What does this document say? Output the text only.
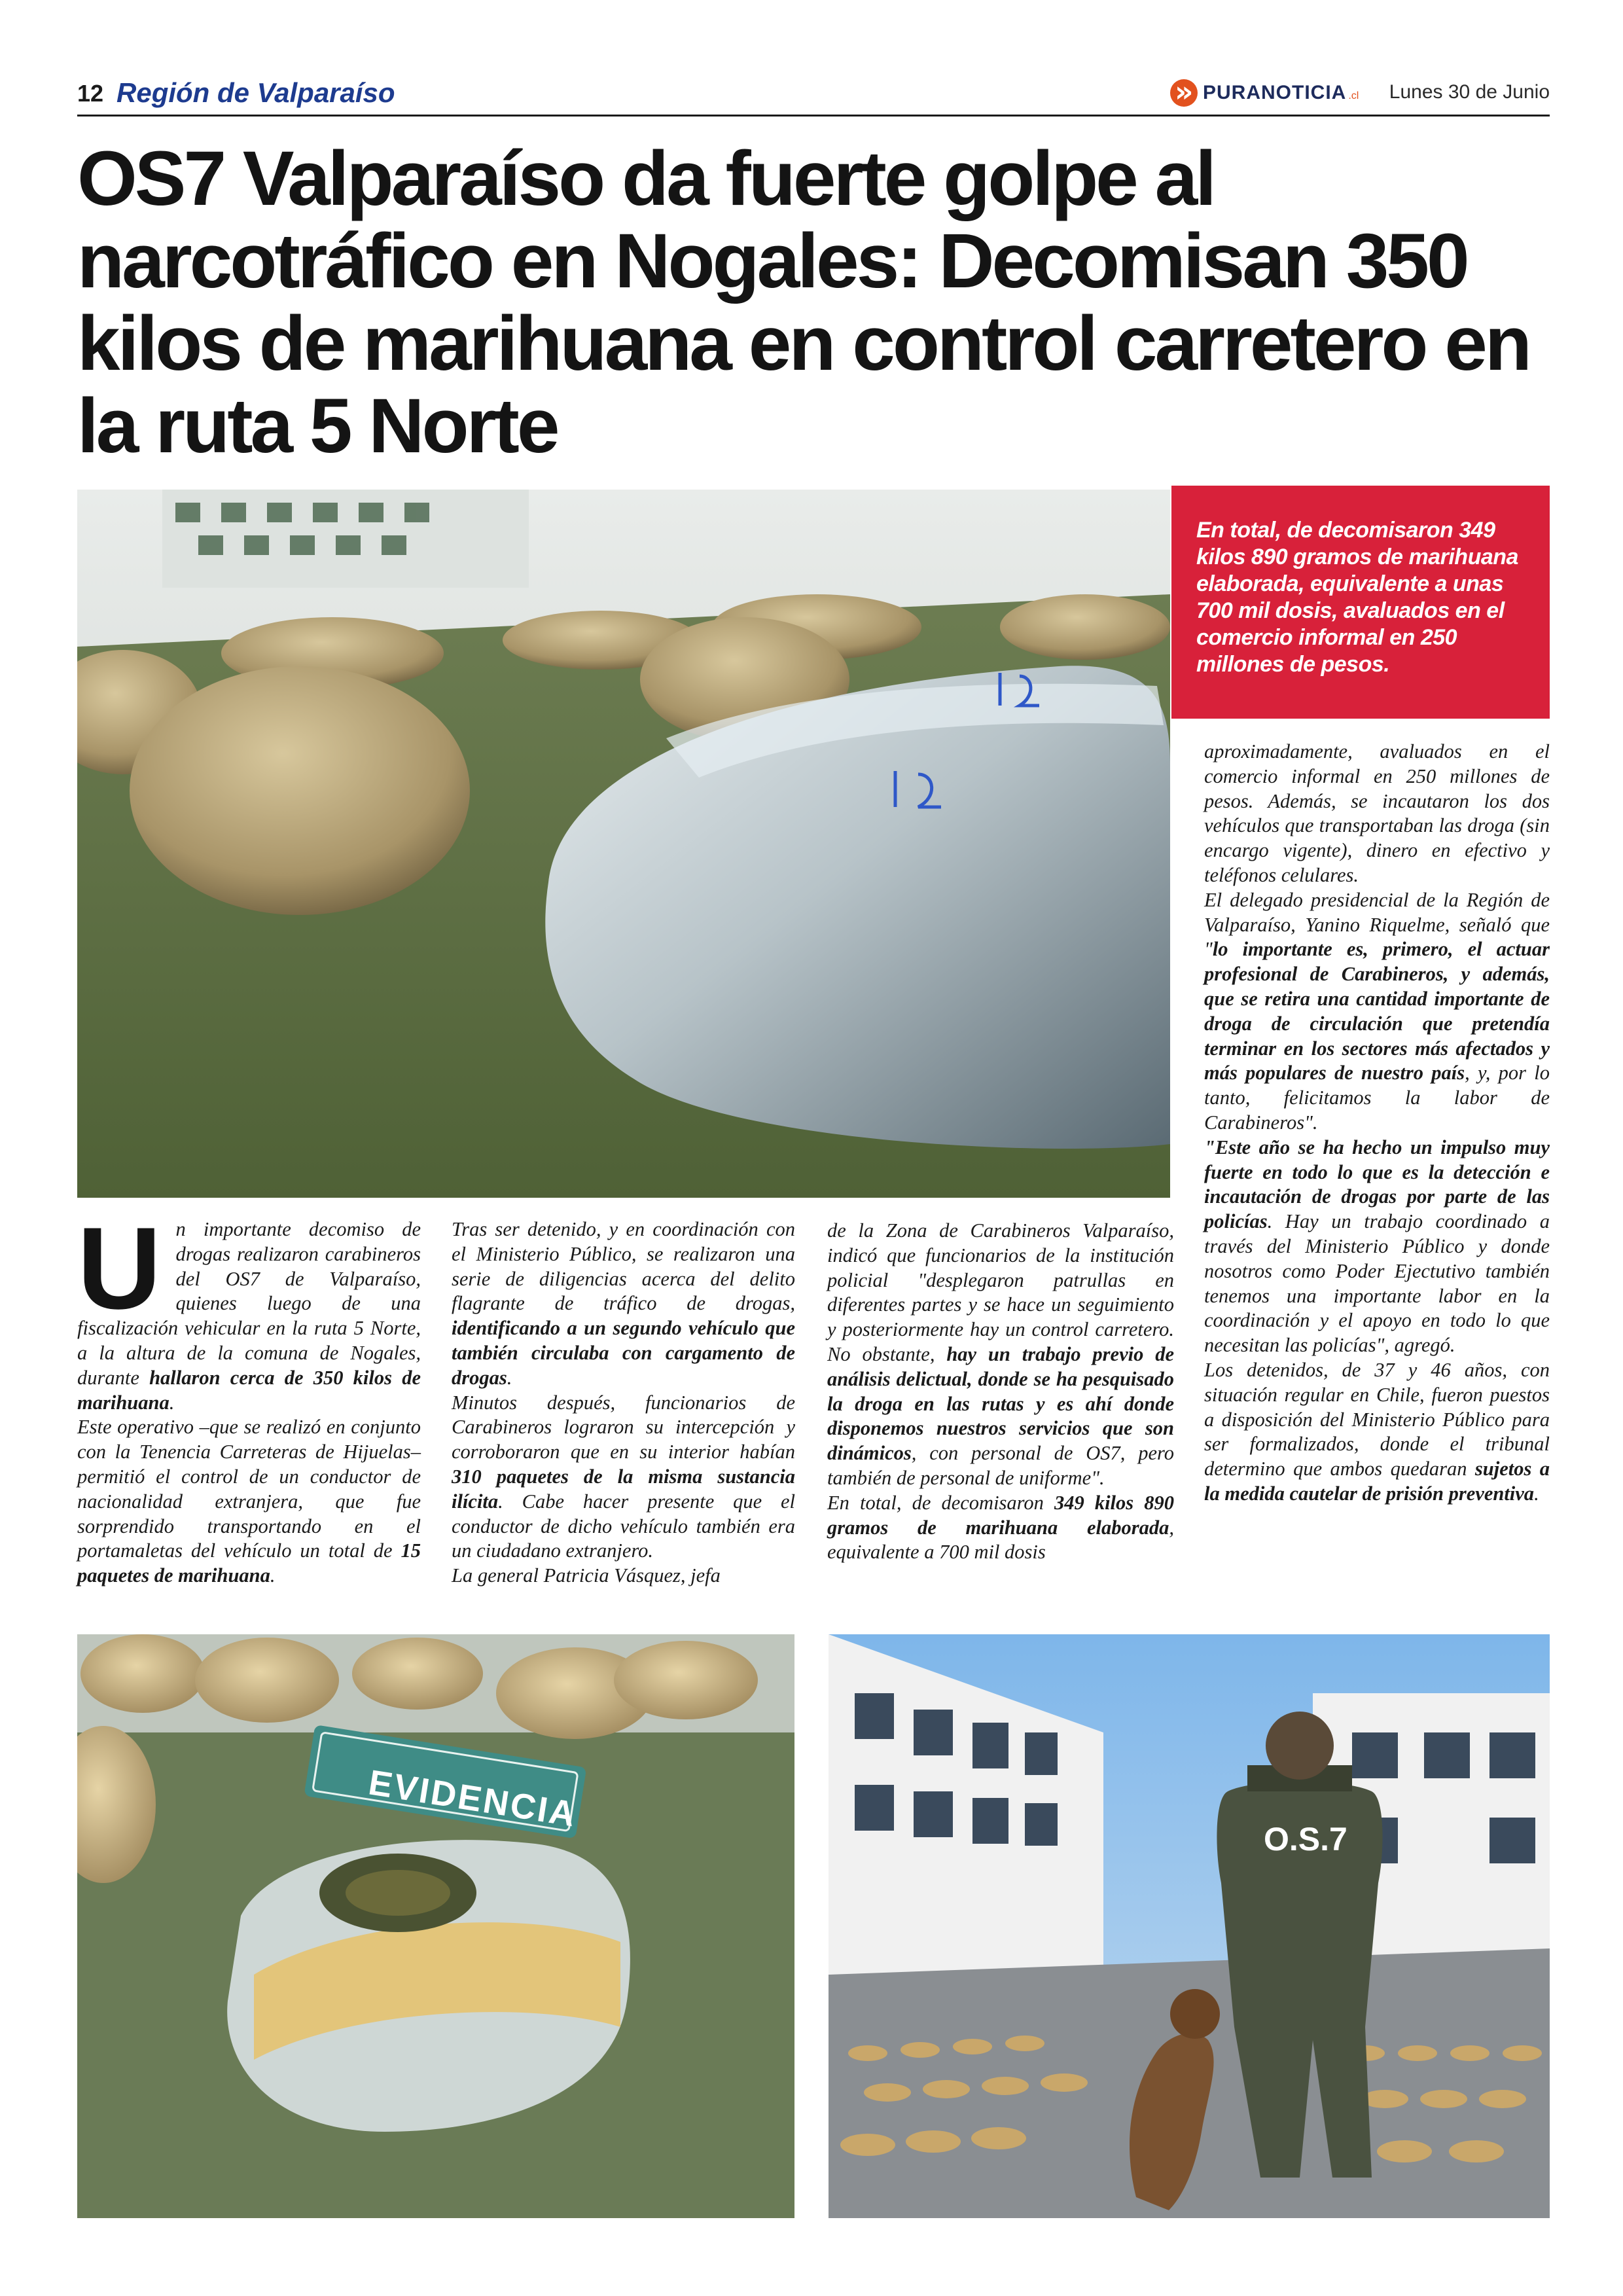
12 Región de Valparaíso
»	PURANOTICIA .cl Lunes 30 de Junio
OS7 Valparaíso da fuerte golpe al narcotráfico en Nogales: Decomisan 350 kilos de marihuana en control carretero en la ruta 5 Norte

En total, de decomisaron 349 kilos 890 gramos de marihuana elaborada, equivalente a unas 700 mil dosis, avaluados en el comercio informal en 250 millones de pesos.

U n importante decomiso de drogas realizaron carabineros del OS7 de Valparaíso, quienes luego de una fiscalización vehicular en la ruta 5 Norte, a la altura de la comuna de Nogales, durante hallaron cerca de 350 kilos de marihuana.
Este operativo –que se realizó en conjunto con la Tenencia Carreteras de Hijuelas– permitió el control de un conductor de nacionalidad extranjera, que fue sorprendido transportando en el portamaletas del vehículo un total de 15 paquetes de marihuana.

Tras ser detenido, y en coordinación con el Ministerio Público, se realizaron una serie de diligencias acerca del delito flagrante de tráfico de drogas, identificando a un segundo vehículo que también circulaba con cargamento de drogas.
Minutos después, funcionarios de Carabineros lograron su intercepción y corroboraron que en su interior habían 310 paquetes de la misma sustancia ilícita. Cabe hacer presente que el conductor de dicho vehículo también era un ciudadano extranjero.
La general Patricia Vásquez, jefa

de la Zona de Carabineros Valparaíso, indicó que funcionarios de la institución policial "desplegaron patrullas en diferentes partes y se hace un seguimiento y posteriormente hay un control carretero. No obstante, hay un trabajo previo de análisis delictual, donde se ha pesquisado la droga en las rutas y es ahí donde disponemos nuestros servicios que son dinámicos, con personal de OS7, pero también de personal de uniforme".
En total, de decomisaron 349 kilos 890 gramos de marihuana elaborada, equivalente a 700 mil dosis

aproximadamente, avaluados en el comercio informal en 250 millones de pesos. Además, se incautaron los dos vehículos que transportaban las droga (sin encargo vigente), dinero en efectivo y teléfonos celulares.
El delegado presidencial de la Región de Valparaíso, Yanino Riquelme, señaló que "lo importante es, primero, el actuar profesional de Carabineros, y además, que se retira una cantidad importante de droga de circulación que pretendía terminar en los sectores más afectados y más populares de nuestro país, y, por lo tanto, felicitamos la labor de Carabineros".
"Este año se ha hecho un impulso muy fuerte en todo lo que es la detección e incautación de drogas por parte de las policías. Hay un trabajo coordinado a través del Ministerio Público y donde nosotros como Poder Ejectutivo también tenemos una importante labor en la coordinación y el apoyo en todo lo que necesitan las policías", agregó.
Los detenidos, de 37 y 46 años, con situación regular en Chile, fueron puestos a disposición del Ministerio Público para ser formalizados, donde el tribunal determino que ambos quedaran sujetos a la medida cautelar de prisión preventiva.

EVIDENCIA
O.S.7
